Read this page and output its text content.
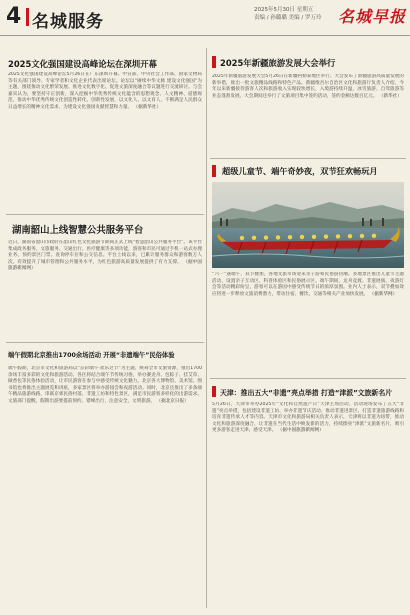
4 名城服务
2025年5月30日 星期五
责编 / 孙璐璐 美编 / 罗万玲 名城早报
2025文化强国建设高峰论坛在深圳开幕
2025文化强国建设高峰论坛5月26日在广东深圳开幕。中宣部、中央社会工作部、国家文物局等有关部门领导、专家学者和文化企业代表出席论坛。论坛以“赓续中华文脉 建设文化强国”为主题，围绕推动文化繁荣发展、推进文化数字化、促进文旅深度融合等议题进行交流研讨。与会嘉宾认为，要坚持守正创新，深入挖掘中华优秀传统文化蕴含的思想观念、人文精神、道德规范，推动中华优秀传统文化创造性转化、创新性发展，以文化人、以文育人，不断满足人民群众日益增长的精神文化需求，为建设文化强国贡献智慧和力量。 （据新华社）
湖南韶山上线智慧公共服务平台
近日，湖南省韶山市政府在韶山红色文化旅游节期间正式上线“智慧韶山公共服务平台”。该平台集成政务服务、文旅服务、交通出行、医疗健康等多项功能，游客和市民可通过手机一站式办理业务、预约景区门票、查询停车位和公交信息。平台上线以来，已累计服务群众和游客数万人次，有效提升了城市管理和公共服务水平，为红色旅游高质量发展提供了有力支撑。 （据中国旅游新闻网）
端午假期北京推出1700余场活动 开展“非遗端午”民俗体验
端午假期，北京市文化和旅游局以“京彩端午·欢乐过节”为主题，统筹全市文旅资源，推出1700余场丰富多彩的文化和旅游活动。各区将结合端午节传统习俗，举办赛龙舟、包粽子、挂艾草、做香包等民俗体验活动，让市民游客在参与中感受传统文化魅力。北京各大博物馆、美术馆、图书馆也将推出主题展览和讲座，多家景区将举办游园会和夜游活动。同时，北京还推出了多条端午精品旅游线路，串联京郊民俗村落、非遗工坊和特色景区，满足市民游客多样化的出游需求。文旅部门提醒，假期出游要提前预约、错峰出行，注意安全，文明旅游。 （据北京日报）
2025年新疆旅游发展大会举行
2025年新疆旅游发展大会5月26日在新疆阿勒泰地区举行。大会发布了新疆旅游高质量发展的新举措，推出一批文旅精品线路和特色产品。新疆维吾尔自治区文化和旅游厅负责人介绍，今年以来新疆接待游客人次和旅游收入实现较快增长，入境游持续升温，冰雪旅游、自驾旅游等业态蓬勃发展。大会期间还举行了文旅项目集中签约活动，签约金额达数百亿元。 （新华社）
超级儿童节、端午奇妙夜，双节狂欢畅玩月
“六一”遇端午，双节叠加，各地文旅市场迎来亲子游和民俗游热潮。多地景区推出儿童节主题活动，设置亲子互动区、科普体验区和民俗展示区。端午期间，龙舟竞渡、非遗展演、夜游灯会等活动精彩纷呈，游客可以在游园中感受传统节日的浓厚氛围。业内人士表示，双节叠加效应将进一步释放文旅消费潜力，带动住宿、餐饮、交通等相关产业加快发展。 （据新华网）
天津：推出五大“非遗”亮点举措 打造“津派”文旅新名片
5月26日，天津市举办2025年“文化和自然遗产日”天津主场活动。活动现场发布了五大“非遗”亮点举措，包括建设非遗工坊、举办非遗节庆活动、推动非遗进景区、打造非遗旅游线路和培育非遗传承人才等内容。天津市文化和旅游局相关负责人表示，天津将以非遗为纽带，推动文化和旅游深度融合，让非遗在当代生活中焕发新的活力，持续擦亮“津派”文旅新名片，吸引更多游客走进天津、感受天津。 （据中国旅游新闻网）
